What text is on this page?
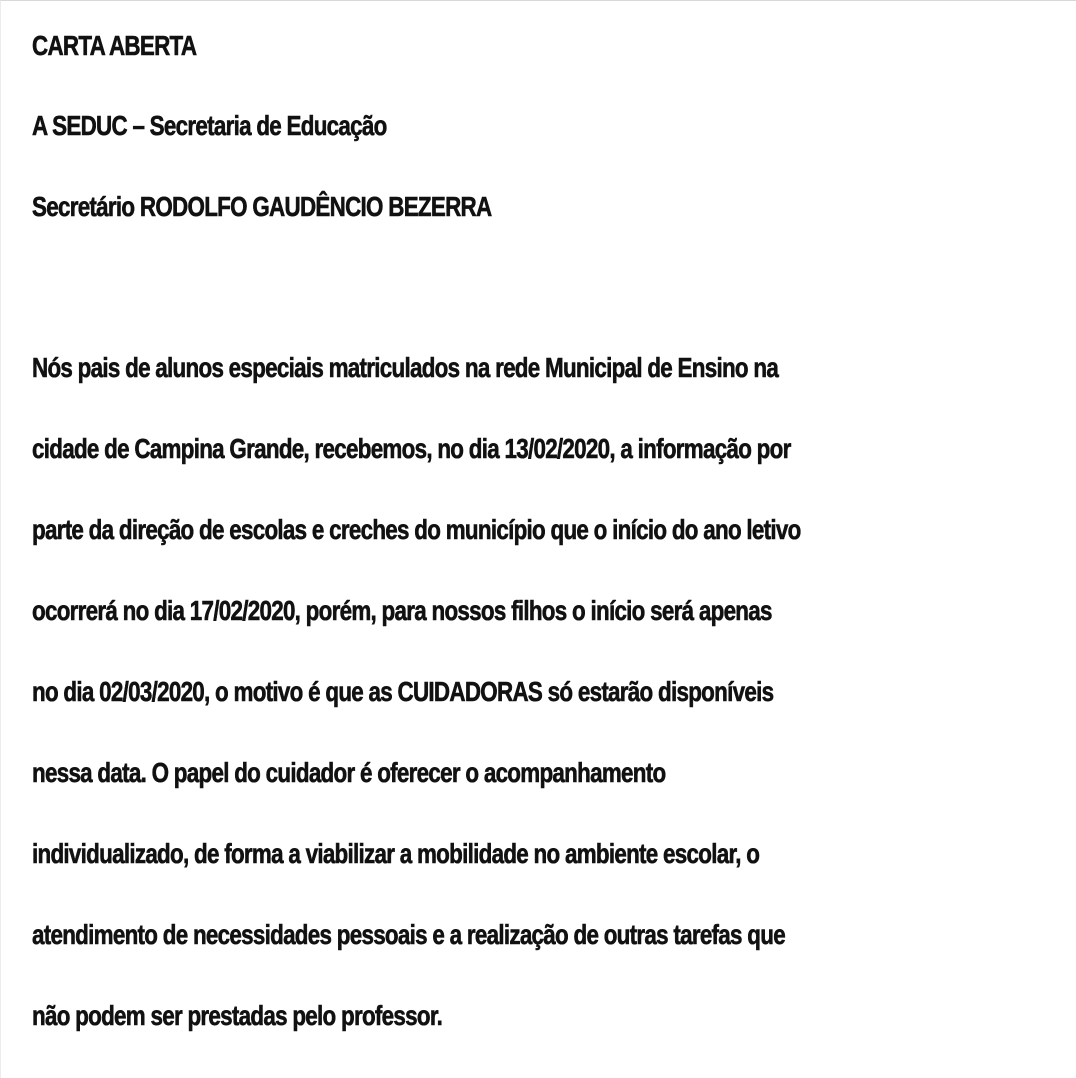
CARTA ABERTA
A SEDUC – Secretaria de Educação
Secretário RODOLFO GAUDÊNCIO BEZERRA
Nós pais de alunos especiais matriculados na rede Municipal de Ensino na
cidade de Campina Grande, recebemos, no dia 13/02/2020, a informação por
parte da direção de escolas e creches do município que o início do ano letivo
ocorrerá no dia 17/02/2020, porém, para nossos filhos o início será apenas
no dia 02/03/2020, o motivo é que as CUIDADORAS só estarão disponíveis
nessa data. O papel do cuidador é oferecer o acompanhamento
individualizado, de forma a viabilizar a mobilidade no ambiente escolar, o
atendimento de necessidades pessoais e a realização de outras tarefas que
não podem ser prestadas pelo professor.
